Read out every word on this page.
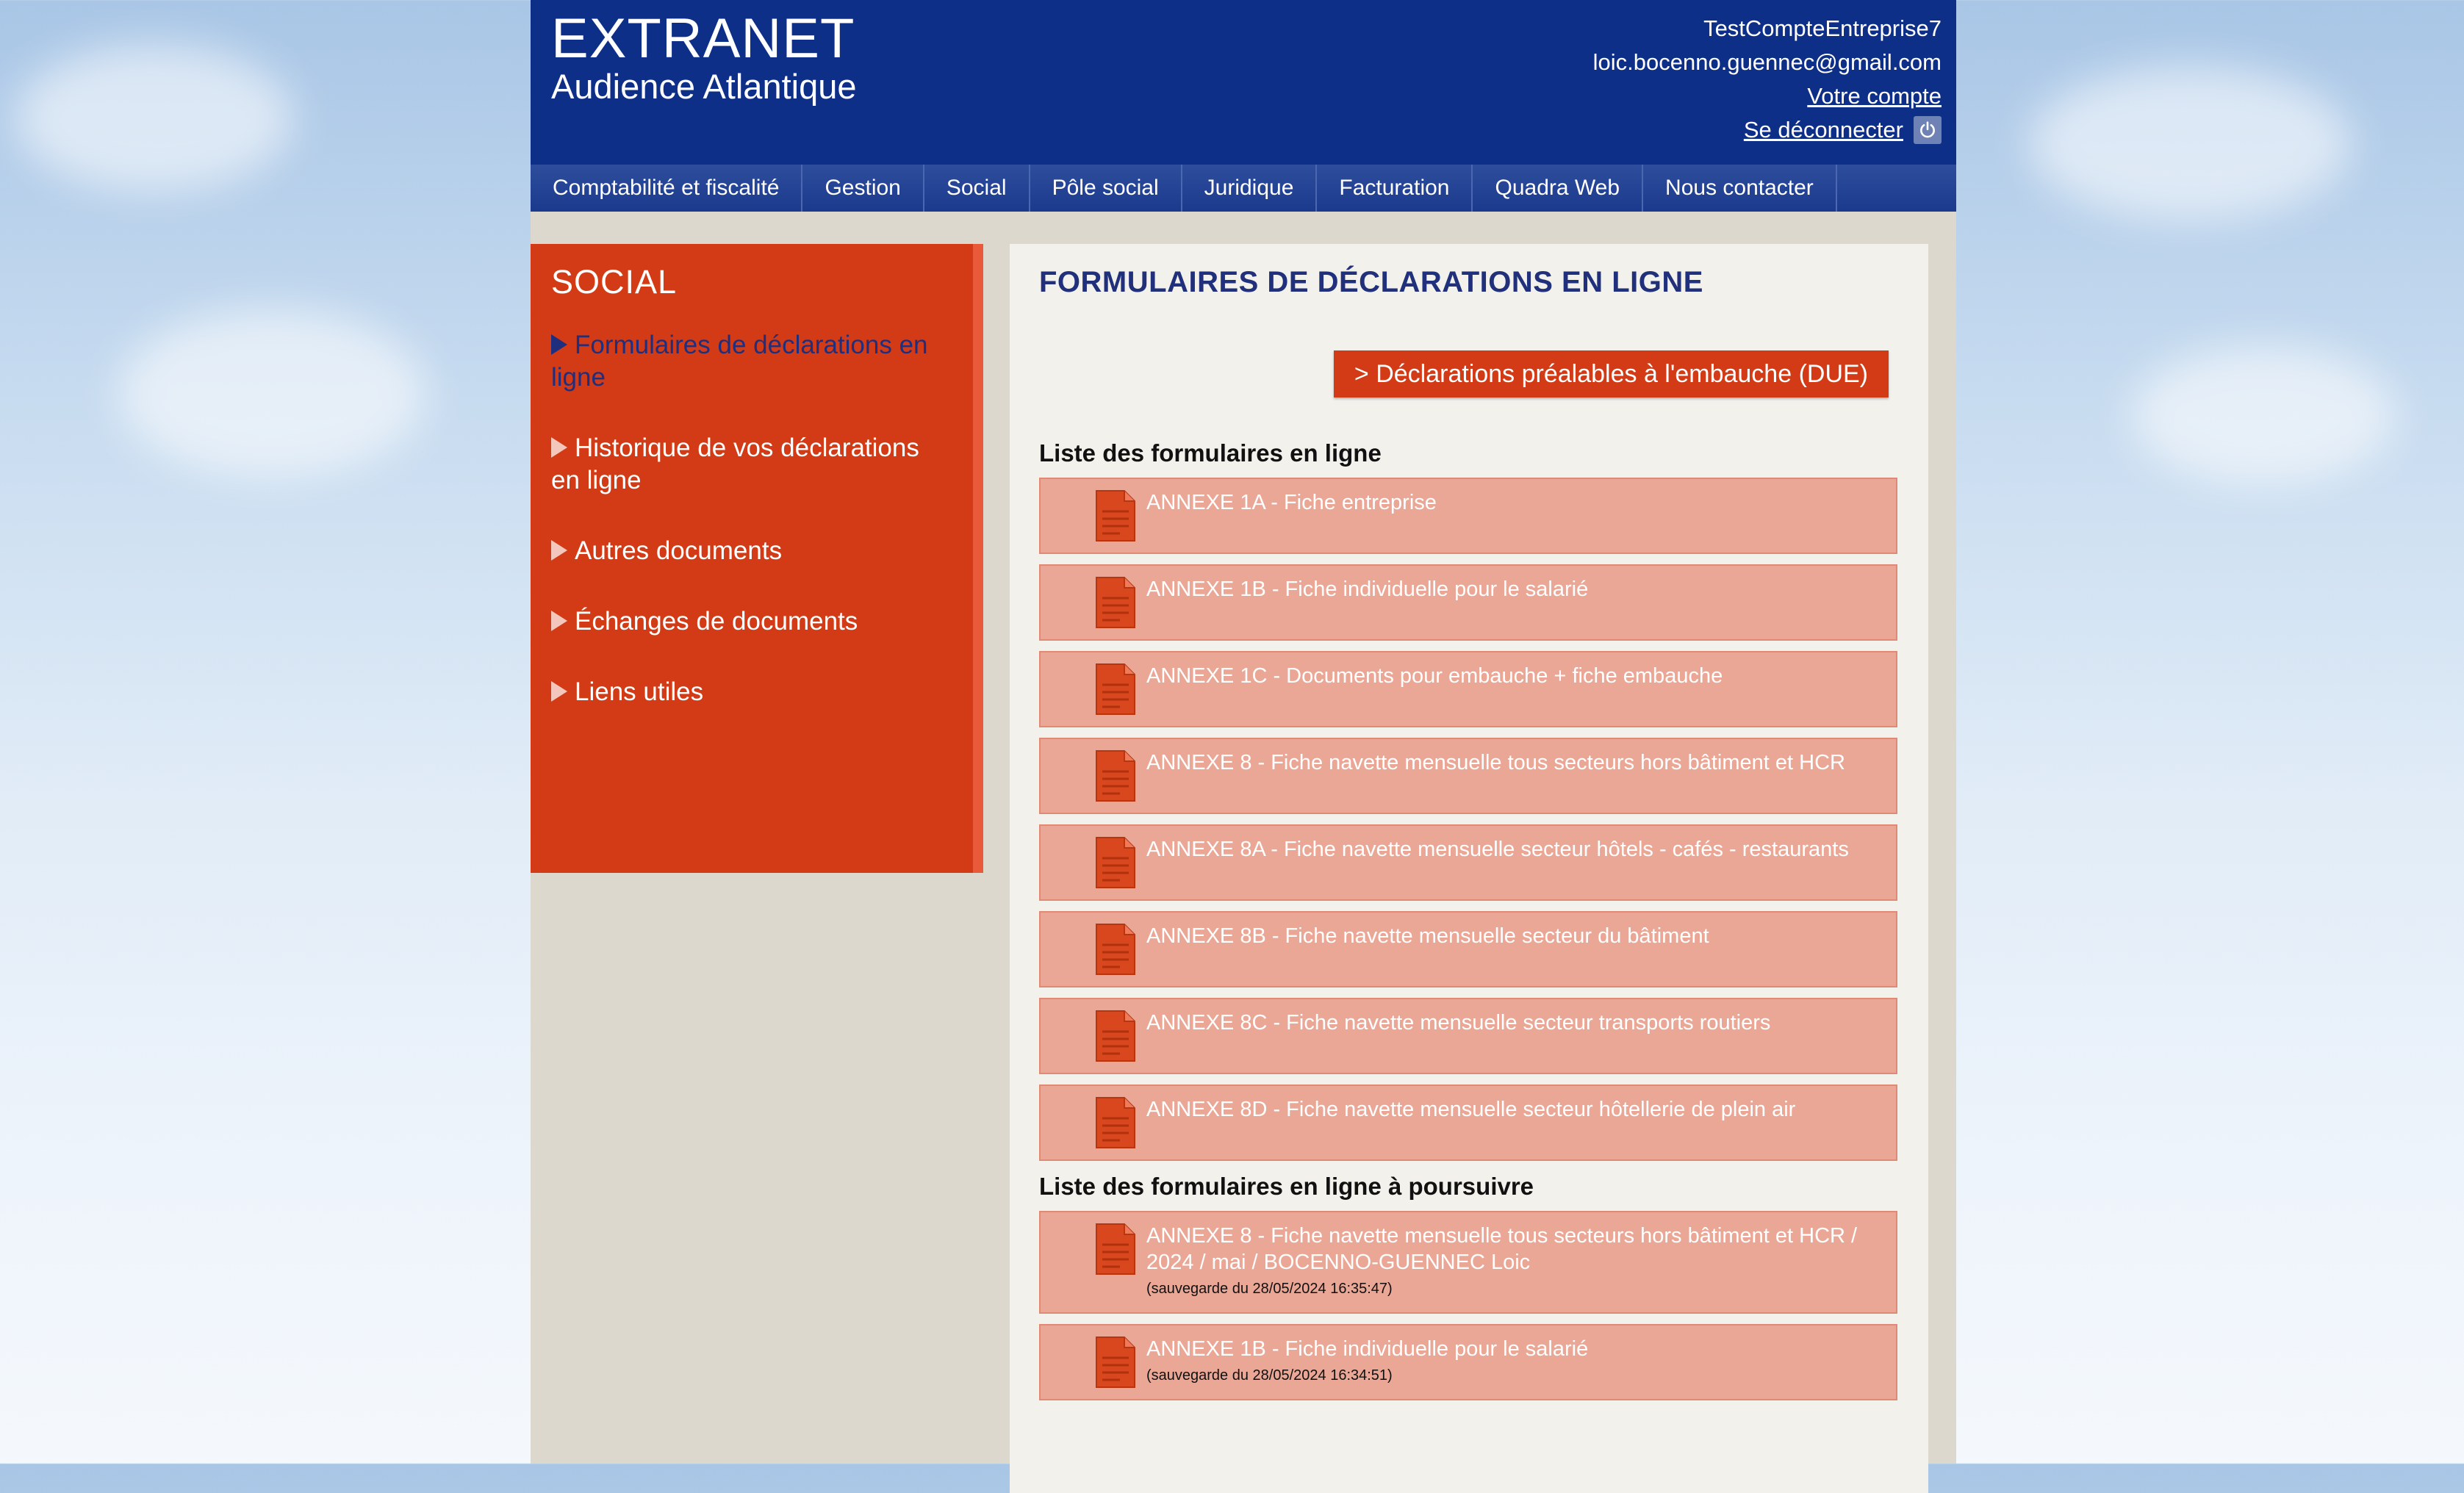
EXTRANET
Audience Atlantique
TestCompteEntreprise7
loic.bocenno.guennec@gmail.com
Votre compte
Se déconnecter
Comptabilité et fiscalité	Gestion	Social	Pôle social	Juridique	Facturation	Quadra Web	Nous contacter
SOCIAL
Formulaires de déclarations en ligne
Historique de vos déclarations en ligne
Autres documents
Échanges de documents
Liens utiles
FORMULAIRES DE DÉCLARATIONS EN LIGNE
> Déclarations préalables à l'embauche (DUE)
Liste des formulaires en ligne
ANNEXE 1A - Fiche entreprise
ANNEXE 1B - Fiche individuelle pour le salarié
ANNEXE 1C - Documents pour embauche + fiche embauche
ANNEXE 8 - Fiche navette mensuelle tous secteurs hors bâtiment et HCR
ANNEXE 8A - Fiche navette mensuelle secteur hôtels - cafés - restaurants
ANNEXE 8B - Fiche navette mensuelle secteur du bâtiment
ANNEXE 8C - Fiche navette mensuelle secteur transports routiers
ANNEXE 8D - Fiche navette mensuelle secteur hôtellerie de plein air
Liste des formulaires en ligne à poursuivre
ANNEXE 8 - Fiche navette mensuelle tous secteurs hors bâtiment et HCR / 2024 / mai / BOCENNO-GUENNEC Loic
(sauvegarde du 28/05/2024 16:35:47)
ANNEXE 1B - Fiche individuelle pour le salarié
(sauvegarde du 28/05/2024 16:34:51)
